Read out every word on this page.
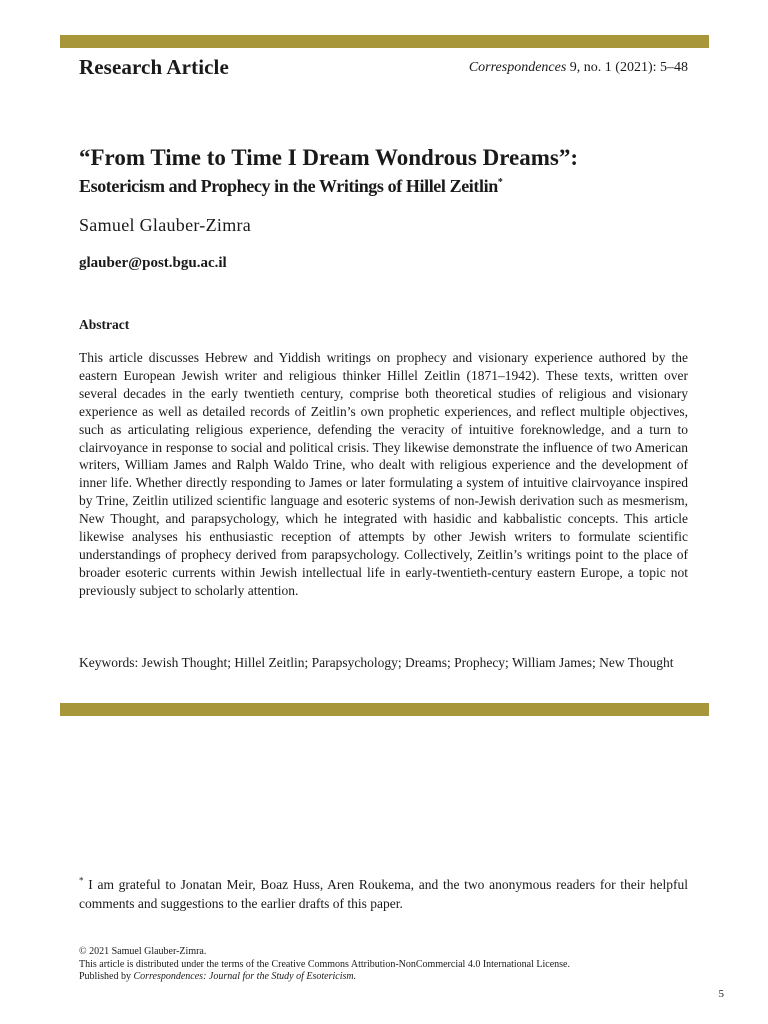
Research Article	Correspondences 9, no. 1 (2021): 5–48
“From Time to Time I Dream Wondrous Dreams”:
Esotericism and Prophecy in the Writings of Hillel Zeitlin*
Samuel Glauber-Zimra
glauber@post.bgu.ac.il
Abstract

This article discusses Hebrew and Yiddish writings on prophecy and visionary experience authored by the eastern European Jewish writer and religious thinker Hillel Zeitlin (1871–1942). These texts, written over several decades in the early twentieth century, comprise both theoretical studies of religious and visionary experience as well as detailed records of Zeitlin’s own prophetic experiences, and reflect multiple objectives, such as articulating religious experience, defending the veracity of intuitive foreknowledge, and a turn to clairvoyance in response to social and political crisis. They likewise demonstrate the influence of two American writers, William James and Ralph Waldo Trine, who dealt with religious experience and the development of inner life. Whether directly responding to James or later formulating a system of intuitive clairvoyance inspired by Trine, Zeitlin utilized scientific language and esoteric systems of non-Jewish derivation such as mesmerism, New Thought, and parapsychology, which he integrated with hasidic and kabbalistic concepts. This article likewise analyses his enthusiastic reception of attempts by other Jewish writers to formulate scientific understandings of prophecy derived from parapsychology. Collectively, Zeitlin’s writings point to the place of broader esoteric currents within Jewish intellectual life in early-twentieth-century eastern Europe, a topic not previously subject to scholarly attention.

Keywords: Jewish Thought; Hillel Zeitlin; Parapsychology; Dreams; Prophecy; William James; New Thought

* I am grateful to Jonatan Meir, Boaz Huss, Aren Roukema, and the two anonymous readers for their helpful comments and suggestions to the earlier drafts of this paper.

© 2021 Samuel Glauber-Zimra.
This article is distributed under the terms of the Creative Commons Attribution-NonCommercial 4.0 International License.
Published by Correspondences: Journal for the Study of Esotericism.
5
